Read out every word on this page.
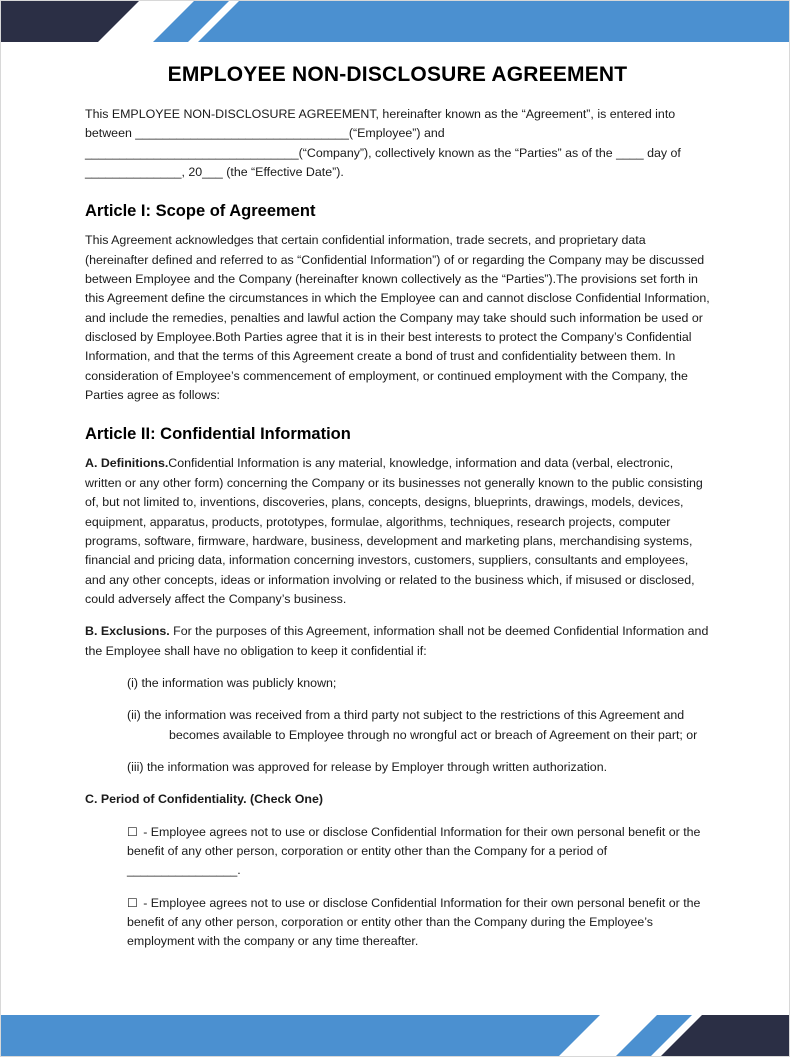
EMPLOYEE NON-DISCLOSURE AGREEMENT

This EMPLOYEE NON-DISCLOSURE AGREEMENT, hereinafter known as the “Agreement”, is entered into between _______________________________(“Employee”) and _______________________________(“Company”), collectively known as the “Parties” as of the ____ day of ______________, 20___ (the “Effective Date”).

Article I: Scope of Agreement

This Agreement acknowledges that certain confidential information, trade secrets, and proprietary data (hereinafter defined and referred to as “Confidential Information”) of or regarding the Company may be discussed between Employee and the Company (hereinafter known collectively as the “Parties”).The provisions set forth in this Agreement define the circumstances in which the Employee can and cannot disclose Confidential Information, and include the remedies, penalties and lawful action the Company may take should such information be used or disclosed by Employee.Both Parties agree that it is in their best interests to protect the Company’s Confidential Information, and that the terms of this Agreement create a bond of trust and confidentiality between them. In consideration of Employee’s commencement of employment, or continued employment with the Company, the Parties agree as follows:

Article II: Confidential Information

A. Definitions.Confidential Information is any material, knowledge, information and data (verbal, electronic, written or any other form) concerning the Company or its businesses not generally known to the public consisting of, but not limited to, inventions, discoveries, plans, concepts, designs, blueprints, drawings, models, devices, equipment, apparatus, products, prototypes, formulae, algorithms, techniques, research projects, computer programs, software, firmware, hardware, business, development and marketing plans, merchandising systems, financial and pricing data, information concerning investors, customers, suppliers, consultants and employees, and any other concepts, ideas or information involving or related to the business which, if misused or disclosed, could adversely affect the Company’s business.

B. Exclusions. For the purposes of this Agreement, information shall not be deemed Confidential Information and the Employee shall have no obligation to keep it confidential if:

(i) the information was publicly known;

(ii) the information was received from a third party not subject to the restrictions of this Agreement and becomes available to Employee through no wrongful act or breach of Agreement on their part; or

(iii) the information was approved for release by Employer through written authorization.

C. Period of Confidentiality. (Check One)

☐ - Employee agrees not to use or disclose Confidential Information for their own personal benefit or the benefit of any other person, corporation or entity other than the Company for a period of ________________.

☐ - Employee agrees not to use or disclose Confidential Information for their own personal benefit or the benefit of any other person, corporation or entity other than the Company during the Employee’s employment with the company or any time thereafter.
